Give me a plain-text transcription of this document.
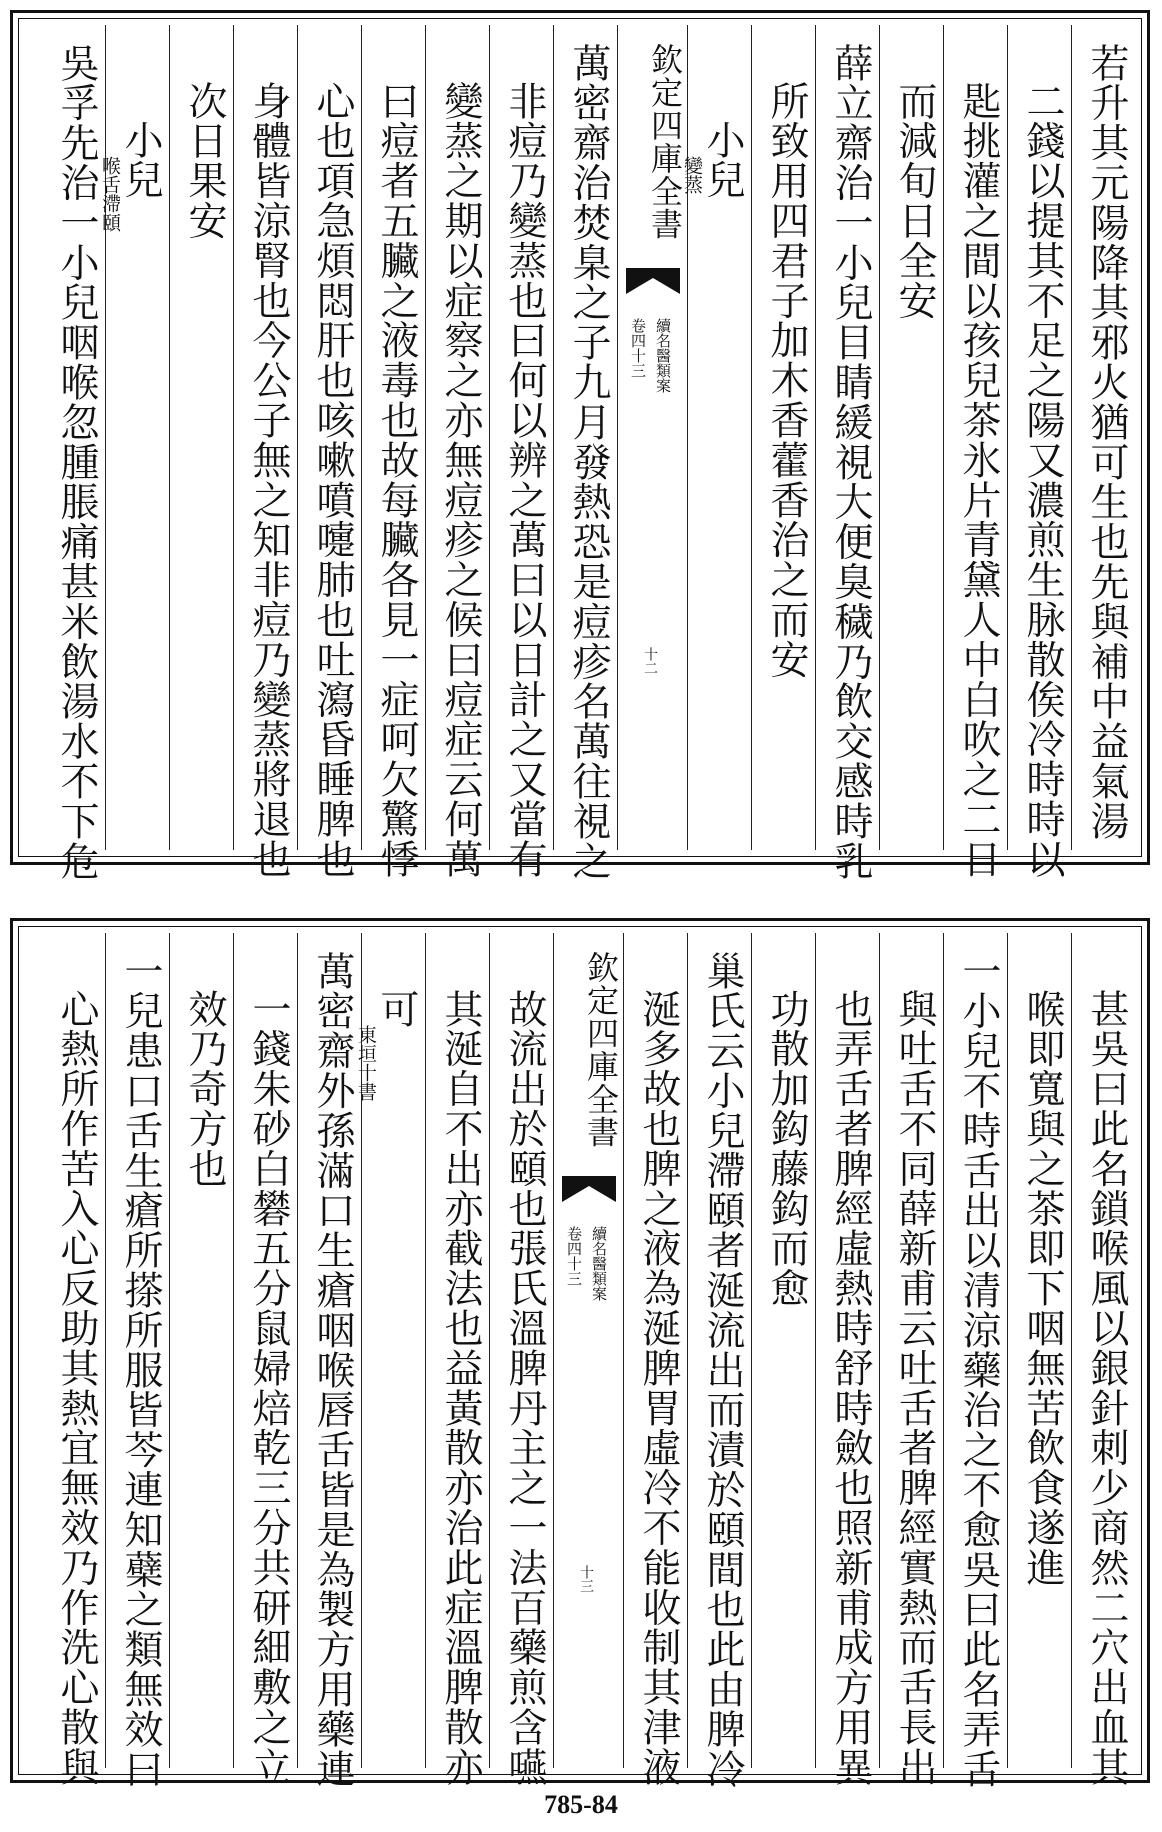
若升其元陽降其邪火猶可生也先與補中益氣湯
二錢以提其不足之陽又濃煎生脉散俟冷時時以
匙挑灌之間以孩兒茶氷片青黛人中白吹之二日
而減旬日全安
薛立齋治一小兒目睛緩視大便臭穢乃飲交感時乳
所致用四君子加木香藿香治之而安
小兒
變蒸
欽定四庫全書
續名醫類案
卷四十三
十二
萬密齋治焚臬之子九月發熱恐是痘疹名萬往視之
非痘乃變蒸也曰何以辨之萬曰以日計之又當有
變蒸之期以症察之亦無痘疹之候曰痘症云何萬
曰痘者五臟之液毒也故每臟各見一症呵欠驚悸
心也項急煩悶肝也咳嗽噴嚏肺也吐瀉昏睡脾也
身體皆涼腎也今公子無之知非痘乃變蒸將退也
次日果安
小兒
喉舌滯頤
吳孚先治一小兒咽喉忽腫脹痛甚米飲湯水不下危
甚吳曰此名鎖喉風以銀針刺少商然二穴出血其
喉即寬與之茶即下咽無苦飲食遂進
一小兒不時舌出以清涼藥治之不愈吳曰此名弄舌
與吐舌不同薛新甫云吐舌者脾經實熱而舌長出
也弄舌者脾經虛熱時舒時斂也照新甫成方用異
功散加鈎藤鈎而愈
巢氏云小兒滯頤者涎流出而漬於頤間也此由脾冷
涎多故也脾之液為涎脾胃虛冷不能收制其津液
欽定四庫全書
續名醫類案
卷四十三
十三
故流出於頤也張氏溫脾丹主之一法百藥煎含嚥
其涎自不出亦截法也益黃散亦治此症溫脾散亦
可
東垣十書
萬密齋外孫滿口生瘡咽喉唇舌皆是為製方用藥連
一錢朱砂白礬五分鼠婦焙乾三分共研細敷之立
效乃奇方也
一兒患口舌生瘡所搽所服皆芩連知蘗之類無效曰
心熱所作苦入心反助其熱宜無效乃作洗心散與
785-84
